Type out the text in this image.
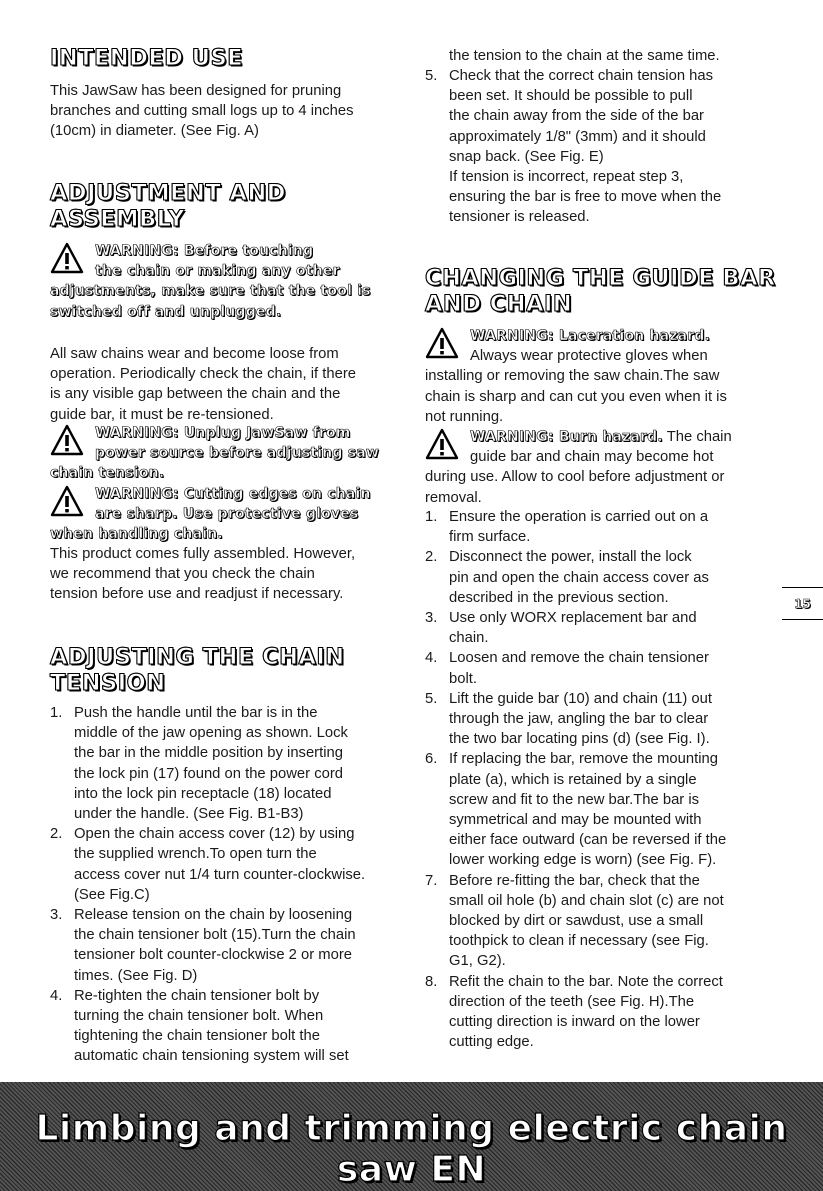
INTENDED USE
This JawSaw has been designed for pruning
branches and cutting small logs up to 4 inches
(10cm) in diameter. (See Fig. A)
ADJUSTMENT AND
ASSEMBLY
WARNING: Before touching
the chain or making any other
adjustments, make sure that the tool is
switched off and unplugged.
All saw chains wear and become loose from
operation. Periodically check the chain, if there
is any visible gap between the chain and the
guide bar, it must be re-tensioned.
WARNING: Unplug JawSaw from
power source before adjusting saw
chain tension.
WARNING: Cutting edges on chain
are sharp. Use protective gloves
when handling chain.
This product comes fully assembled. However,
we recommend that you check the chain
tension before use and readjust if necessary.
ADJUSTING THE CHAIN
TENSION
1. Push the handle until the bar is in the
middle of the jaw opening as shown. Lock
the bar in the middle position by inserting
the lock pin (17) found on the power cord
into the lock pin receptacle (18) located
under the handle. (See Fig. B1-B3)
2. Open the chain access cover (12) by using
the supplied wrench.To open turn the
access cover nut 1/4 turn counter-clockwise.
(See Fig.C)
3. Release tension on the chain by loosening
the chain tensioner bolt (15).Turn the chain
tensioner bolt counter-clockwise 2 or more
times. (See Fig. D)
4. Re-tighten the chain tensioner bolt by
turning the chain tensioner bolt. When
tightening the chain tensioner bolt the
automatic chain tensioning system will set
the tension to the chain at the same time.
5. Check that the correct chain tension has
been set. It should be possible to pull
the chain away from the side of the bar
approximately 1/8" (3mm) and it should
snap back. (See Fig. E)
If tension is incorrect, repeat step 3,
ensuring the bar is free to move when the
tensioner is released.
CHANGING THE GUIDE BAR
AND CHAIN
WARNING: Laceration hazard.
Always wear protective gloves when
installing or removing the saw chain.The saw
chain is sharp and can cut you even when it is
not running.
WARNING: Burn hazard. The chain
guide bar and chain may become hot
during use. Allow to cool before adjustment or
removal.
1. Ensure the operation is carried out on a
firm surface.
2. Disconnect the power, install the lock
pin and open the chain access cover as
described in the previous section.
3. Use only WORX replacement bar and
chain.
4. Loosen and remove the chain tensioner
bolt.
5. Lift the guide bar (10) and chain (11) out
through the jaw, angling the bar to clear
the two bar locating pins (d) (see Fig. I).
6. If replacing the bar, remove the mounting
plate (a), which is retained by a single
screw and fit to the new bar.The bar is
symmetrical and may be mounted with
either face outward (can be reversed if the
lower working edge is worn) (see Fig. F).
7. Before re-fitting the bar, check that the
small oil hole (b) and chain slot (c) are not
blocked by dirt or sawdust, use a small
toothpick to clean if necessary (see Fig.
G1, G2).
8. Refit the chain to the bar. Note the correct
direction of the teeth (see Fig. H).The
cutting direction is inward on the lower
cutting edge.
15
Limbing and trimming electric chain saw EN
